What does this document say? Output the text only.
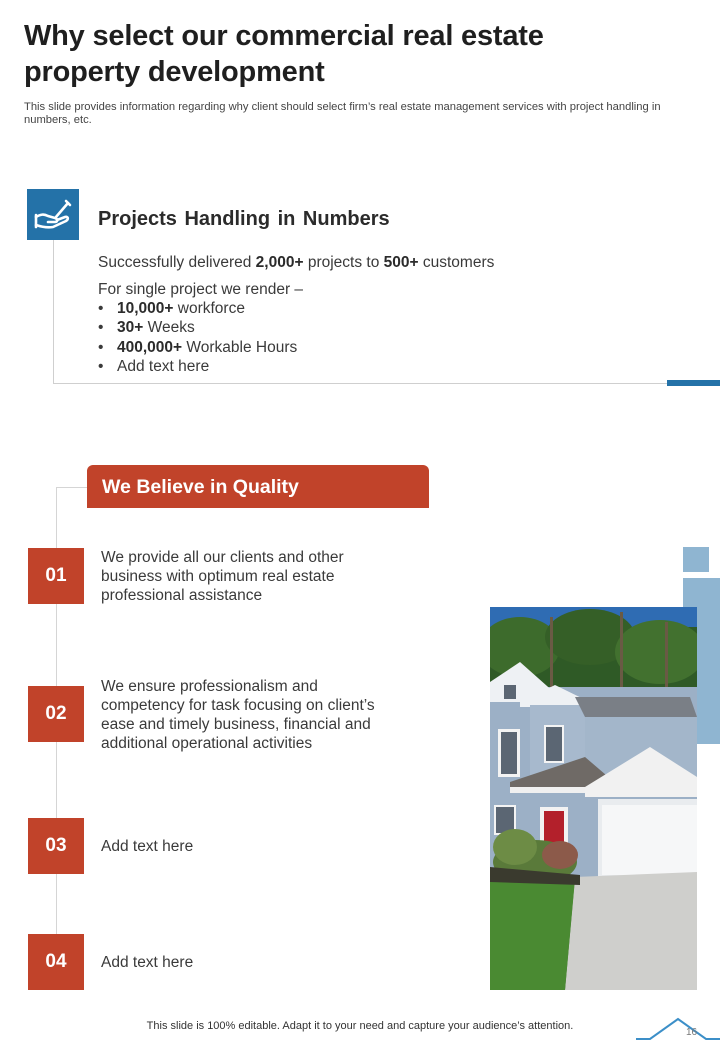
Why select our commercial real estate property development
This slide provides information regarding why client should select firm’s real estate management services with project handling in numbers, etc.
Projects Handling in Numbers
Successfully delivered 2,000+ projects to 500+ customers
For single project we render –
• 10,000+ workforce
• 30+ Weeks
• 400,000+ Workable Hours
• Add text here
We Believe in Quality
01
We provide all our clients and other business with optimum real estate professional assistance
02
We ensure professionalism and competency for task focusing on client’s ease and timely business, financial and additional operational activities
03	Add text here
04	Add text here
This slide is 100% editable. Adapt it to your need and capture your audience’s attention.
16
